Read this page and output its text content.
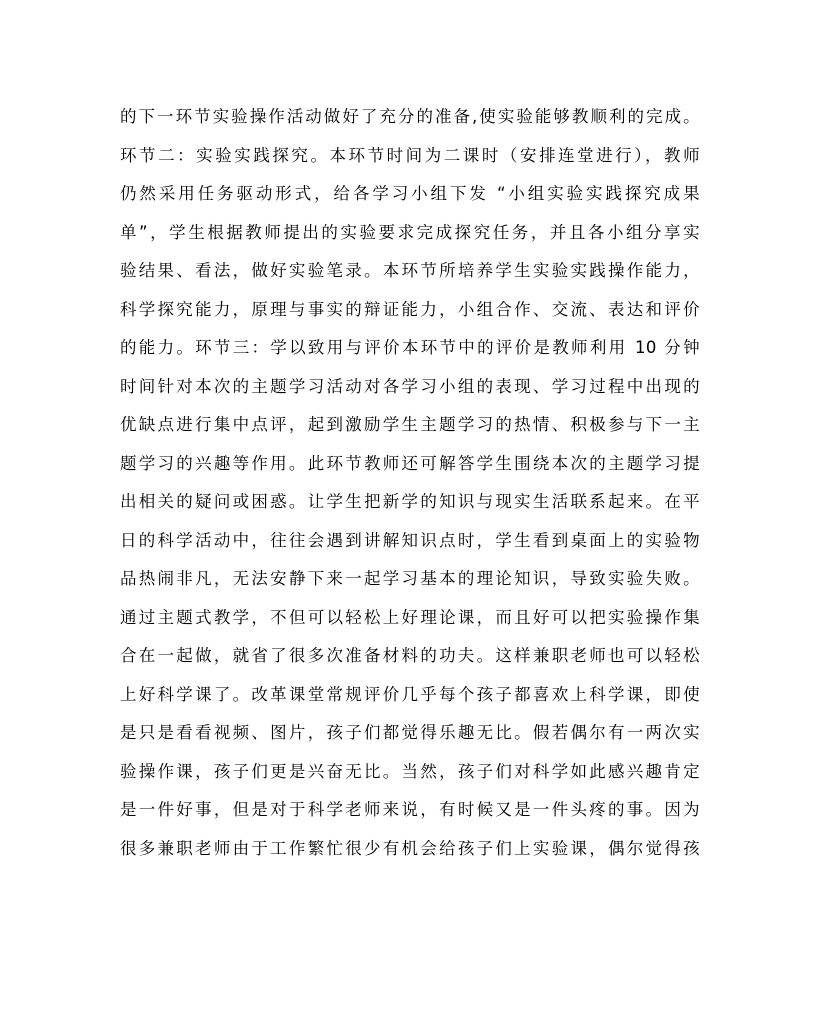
的下一环节实验操作活动做好了充分的准备,使实验能够教顺利的完成。
环节二：实验实践探究。本环节时间为二课时（安排连堂进行），教师
仍然采用任务驱动形式，给各学习小组下发 “小组实验实践探究成果
单”，学生根据教师提出的实验要求完成探究任务，并且各小组分享实
验结果、看法，做好实验笔录。本环节所培养学生实验实践操作能力，
科学探究能力，原理与事实的辩证能力，小组合作、交流、表达和评价
的能力。环节三：学以致用与评价本环节中的评价是教师利用 10 分钟
时间针对本次的主题学习活动对各学习小组的表现、学习过程中出现的
优缺点进行集中点评，起到激励学生主题学习的热情、积极参与下一主
题学习的兴趣等作用。此环节教师还可解答学生围绕本次的主题学习提
出相关的疑问或困惑。让学生把新学的知识与现实生活联系起来。在平
日的科学活动中，往往会遇到讲解知识点时，学生看到桌面上的实验物
品热闹非凡，无法安静下来一起学习基本的理论知识，导致实验失败。
通过主题式教学，不但可以轻松上好理论课，而且好可以把实验操作集
合在一起做，就省了很多次准备材料的功夫。这样兼职老师也可以轻松
上好科学课了。改革课堂常规评价几乎每个孩子都喜欢上科学课，即使
是只是看看视频、图片，孩子们都觉得乐趣无比。假若偶尔有一两次实
验操作课，孩子们更是兴奋无比。当然，孩子们对科学如此感兴趣肯定
是一件好事，但是对于科学老师来说，有时候又是一件头疼的事。因为
很多兼职老师由于工作繁忙很少有机会给孩子们上实验课，偶尔觉得孩
